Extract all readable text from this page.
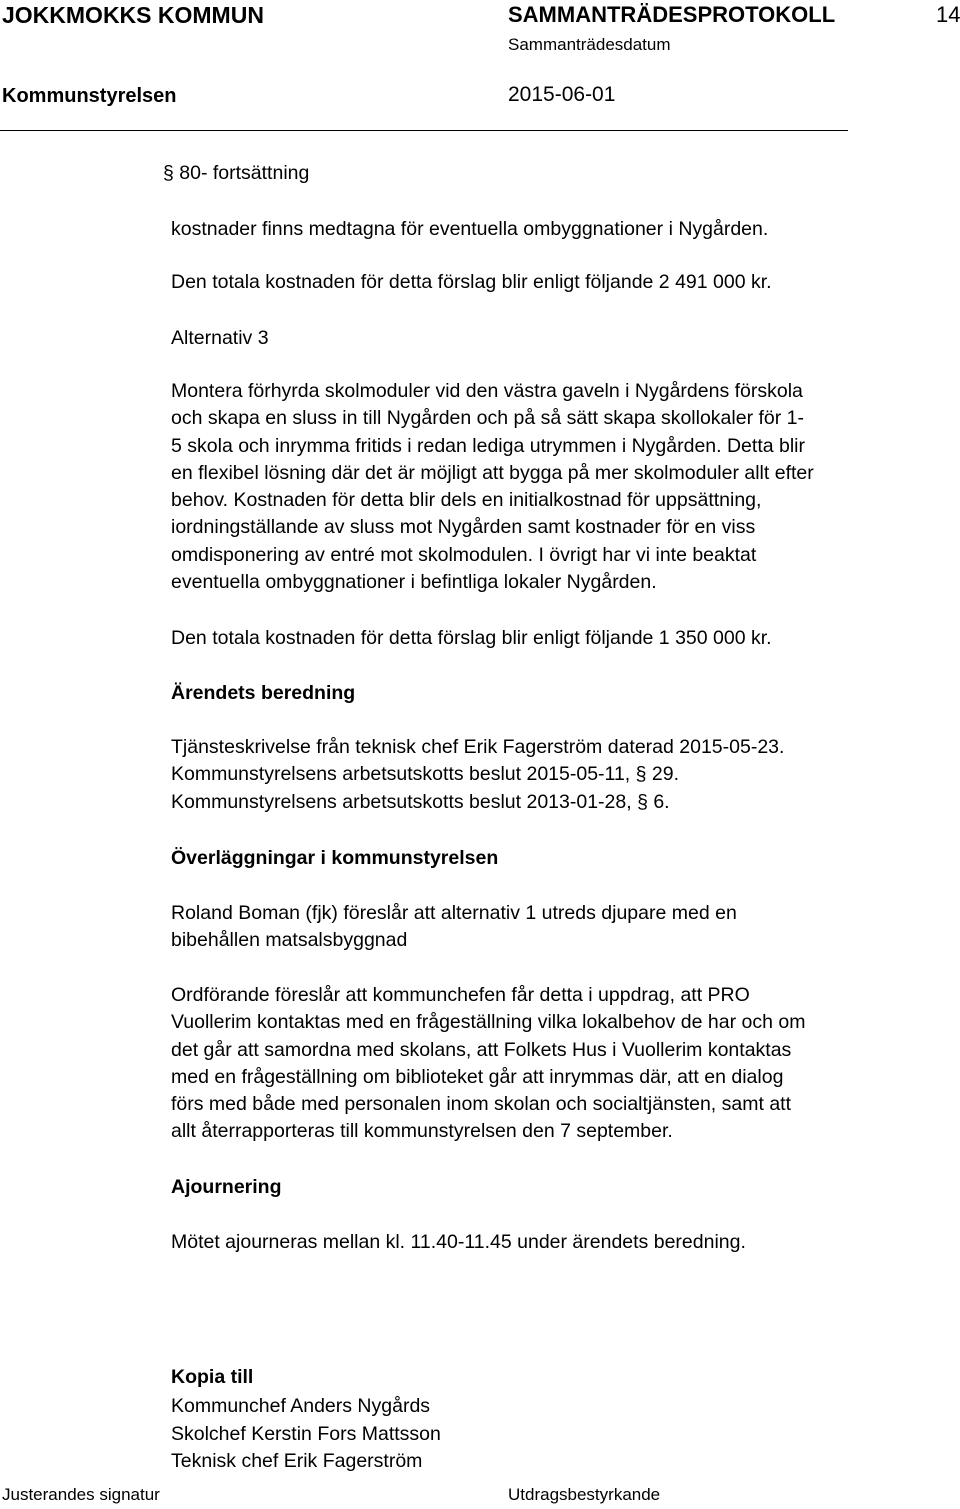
JOKKMOKKS KOMMUN	SAMMANTRÄDESPROTOKOLL	14
Sammanträdesdatum
Kommunstyrelsen	2015-06-01
§ 80- fortsättning
kostnader finns medtagna för eventuella ombyggnationer i Nygården.
Den totala kostnaden för detta förslag blir enligt följande 2 491 000 kr.
Alternativ 3
Montera förhyrda skolmoduler vid den västra gaveln i Nygårdens förskola
och skapa en sluss in till Nygården och på så sätt skapa skollokaler för 1-
5 skola och inrymma fritids i redan lediga utrymmen i Nygården. Detta blir
en flexibel lösning där det är möjligt att bygga på mer skolmoduler allt efter
behov. Kostnaden för detta blir dels en initialkostnad för uppsättning,
iordningställande av sluss mot Nygården samt kostnader för en viss
omdisponering av entré mot skolmodulen. I övrigt har vi inte beaktat
eventuella ombyggnationer i befintliga lokaler Nygården.
Den totala kostnaden för detta förslag blir enligt följande 1 350 000 kr.
Ärendets beredning
Tjänsteskrivelse från teknisk chef Erik Fagerström daterad 2015-05-23.
Kommunstyrelsens arbetsutskotts beslut 2015-05-11, § 29.
Kommunstyrelsens arbetsutskotts beslut 2013-01-28, § 6.
Överläggningar i kommunstyrelsen
Roland Boman (fjk) föreslår att alternativ 1 utreds djupare med en
bibehållen matsalsbyggnad
Ordförande föreslår att kommunchefen får detta i uppdrag, att PRO
Vuollerim kontaktas med en frågeställning vilka lokalbehov de har och om
det går att samordna med skolans, att Folkets Hus i Vuollerim kontaktas
med en frågeställning om biblioteket går att inrymmas där, att en dialog
förs med både med personalen inom skolan och socialtjänsten, samt att
allt återrapporteras till kommunstyrelsen den 7 september.
Ajournering
Mötet ajourneras mellan kl. 11.40-11.45 under ärendets beredning.
Kopia till
Kommunchef Anders Nygårds
Skolchef Kerstin Fors Mattsson
Teknisk chef Erik Fagerström
Justerandes signatur	Utdragsbestyrkande
